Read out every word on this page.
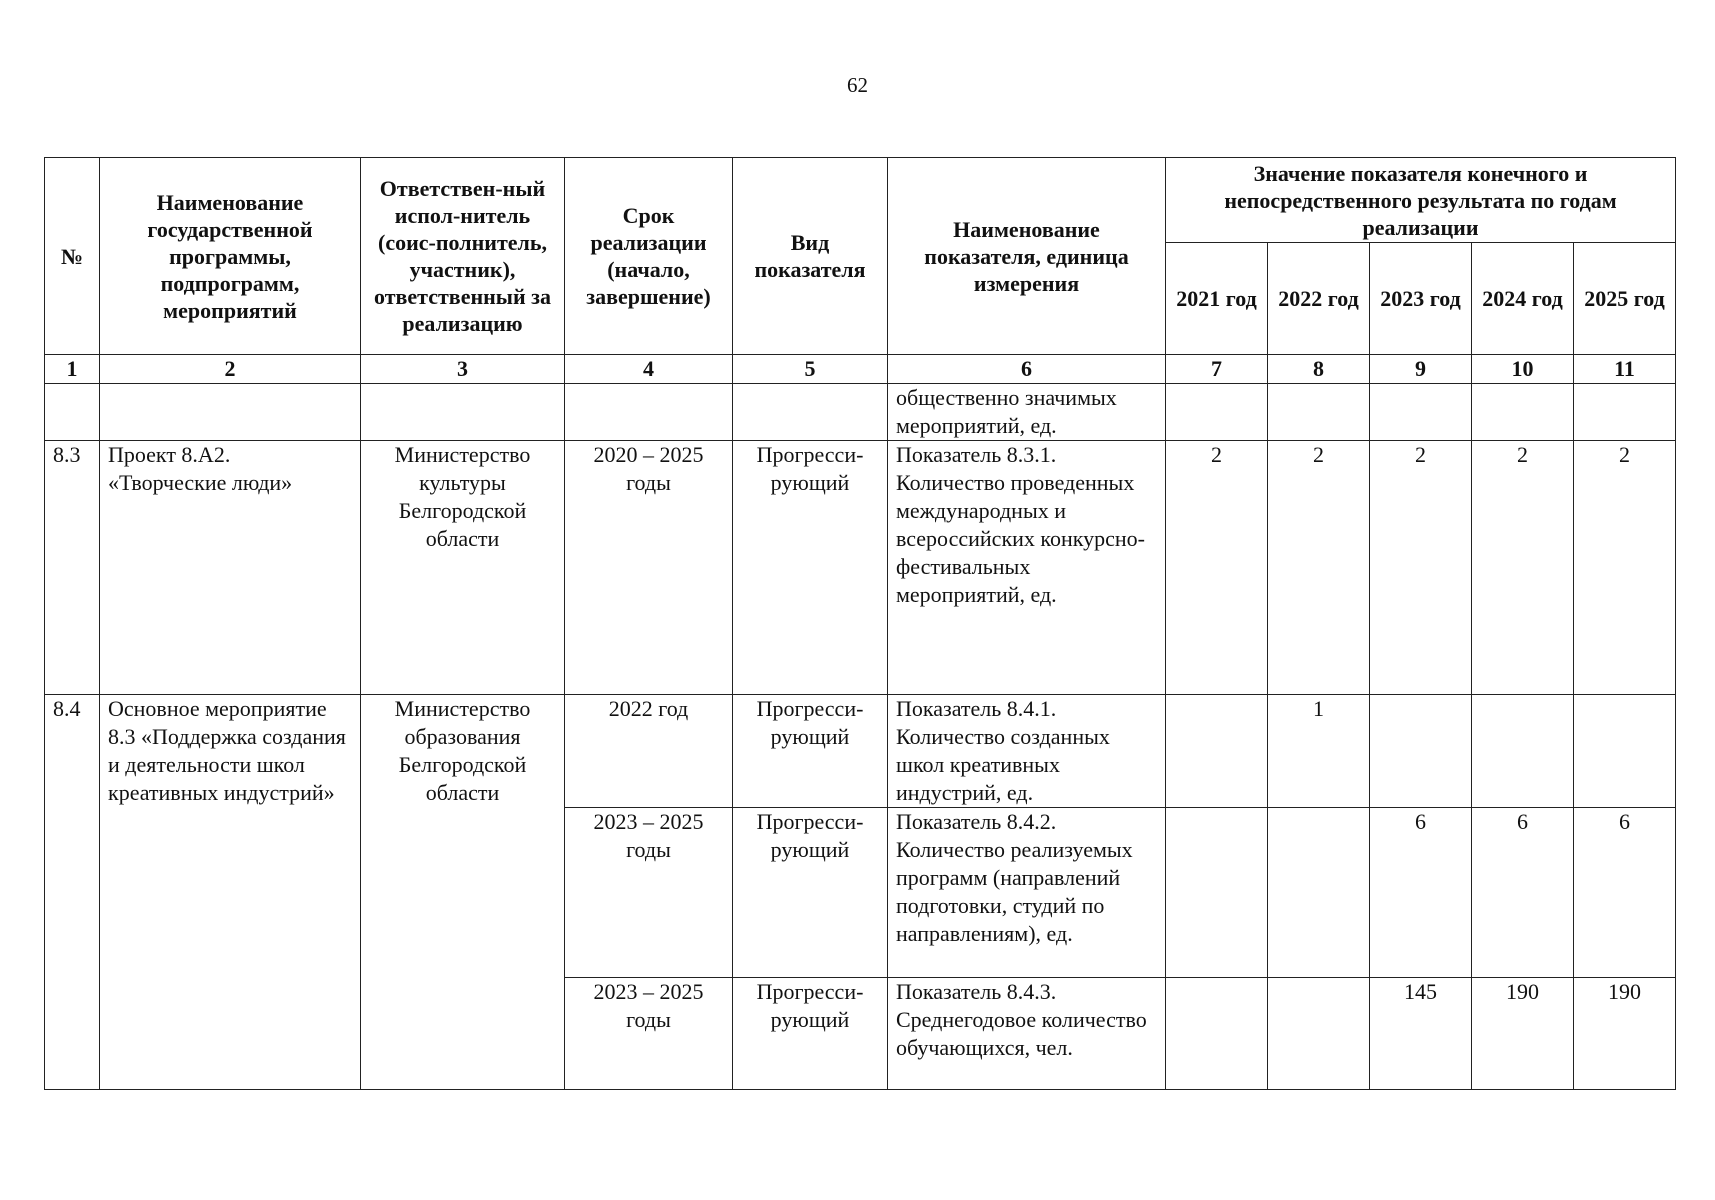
62
№	Наименование государственной программы, подпрограмм, мероприятий	Ответствен-ный испол-нитель (соис-полнитель, участник), ответственный за реализацию	Срок реализации (начало, завершение)	Вид показателя	Наименование показателя, единица измерения	Значение показателя конечного и непосредственного результата по годам реализации				
						2021 год	2022 год	2023 год	2024 год	2025 год
1	2	3	4	5	6	7	8	9	10	11
					общественно значимых мероприятий, ед.					
8.3	Проект 8.А2. «Творческие люди»	Министерство культуры Белгородской области	2020 – 2025 годы	Прогресси-рующий	Показатель 8.3.1. Количество проведенных международных и всероссийских конкурсно-фестивальных мероприятий, ед.	2	2	2	2	2
8.4	Основное мероприятие 8.3 «Поддержка создания и деятельности школ креативных индустрий»	Министерство образования Белгородской области	2022 год	Прогресси-рующий	Показатель 8.4.1. Количество созданных школ креативных индустрий, ед.		1			
			2023 – 2025 годы	Прогресси-рующий	Показатель 8.4.2. Количество реализуемых программ (направлений подготовки, студий по направлениям), ед.			6	6	6
			2023 – 2025 годы	Прогресси-рующий	Показатель 8.4.3. Среднегодовое количество обучающихся, чел.			145	190	190
